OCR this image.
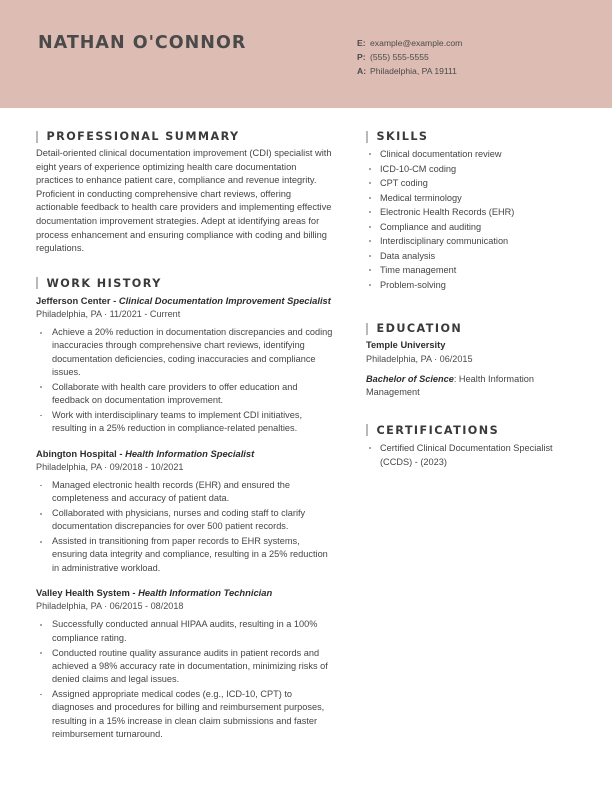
NATHAN O'CONNOR	E: example@example.com
P: (555) 555-5555
A: Philadelphia, PA 19111
PROFESSIONAL SUMMARY
Detail-oriented clinical documentation improvement (CDI) specialist with eight years of experience optimizing health care documentation practices to enhance patient care, compliance and revenue integrity. Proficient in conducting comprehensive chart reviews, offering actionable feedback to health care providers and implementing effective documentation improvement strategies. Adept at identifying areas for process enhancement and ensuring compliance with coding and billing regulations.
WORK HISTORY
Jefferson Center - Clinical Documentation Improvement Specialist
Philadelphia, PA · 11/2021 - Current
Achieve a 20% reduction in documentation discrepancies and coding inaccuracies through comprehensive chart reviews, identifying documentation deficiencies, coding inaccuracies and compliance issues.
Collaborate with health care providers to offer education and feedback on documentation improvement.
Work with interdisciplinary teams to implement CDI initiatives, resulting in a 25% reduction in compliance-related penalties.
Abington Hospital - Health Information Specialist
Philadelphia, PA · 09/2018 - 10/2021
Managed electronic health records (EHR) and ensured the completeness and accuracy of patient data.
Collaborated with physicians, nurses and coding staff to clarify documentation discrepancies for over 500 patient records.
Assisted in transitioning from paper records to EHR systems, ensuring data integrity and compliance, resulting in a 25% reduction in administrative workload.
Valley Health System - Health Information Technician
Philadelphia, PA · 06/2015 - 08/2018
Successfully conducted annual HIPAA audits, resulting in a 100% compliance rating.
Conducted routine quality assurance audits in patient records and achieved a 98% accuracy rate in documentation, minimizing risks of denied claims and legal issues.
Assigned appropriate medical codes (e.g., ICD-10, CPT) to diagnoses and procedures for billing and reimbursement purposes, resulting in a 15% increase in clean claim submissions and faster reimbursement turnaround.
SKILLS
Clinical documentation review
ICD-10-CM coding
CPT coding
Medical terminology
Electronic Health Records (EHR)
Compliance and auditing
Interdisciplinary communication
Data analysis
Time management
Problem-solving
EDUCATION
Temple University
Philadelphia, PA · 06/2015
Bachelor of Science: Health Information Management
CERTIFICATIONS
Certified Clinical Documentation Specialist (CCDS) - (2023)
